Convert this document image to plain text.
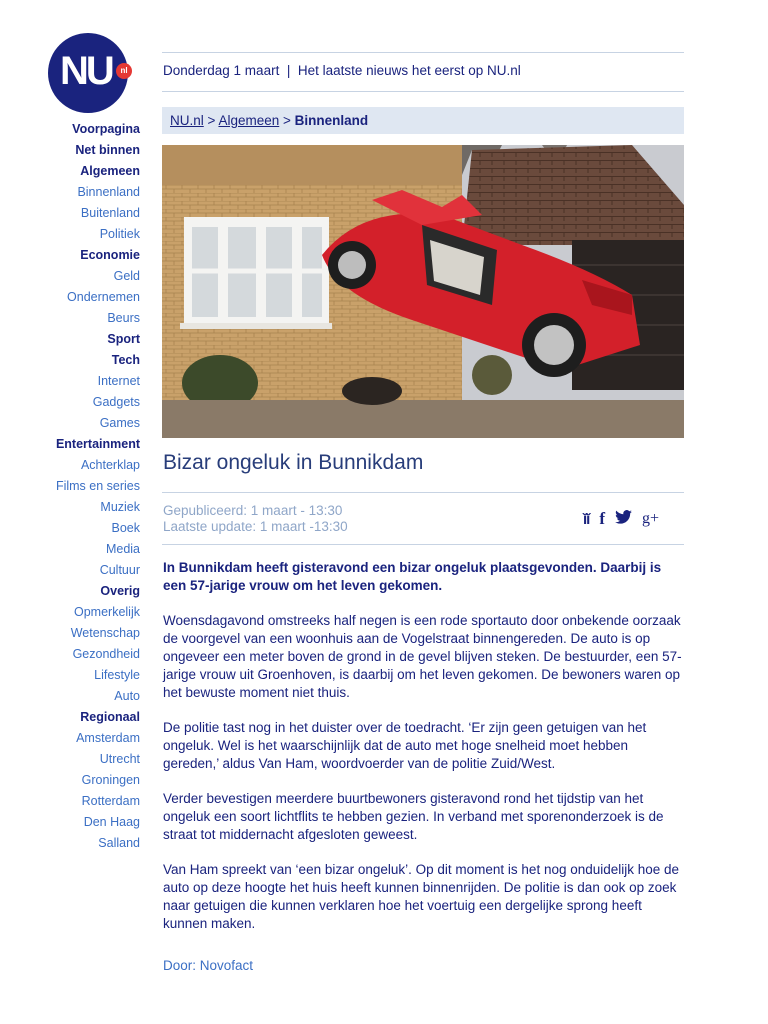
NU	nl
Voorpagina
Net binnen
Algemeen
Binnenland
Buitenland
Politiek
Economie
Geld
Ondernemen
Beurs
Sport
Tech
Internet
Gadgets
Games
Entertainment
Achterklap
Films en series
Muziek
Boek
Media
Cultuur
Overig
Opmerkelijk
Wetenschap
Gezondheid
Lifestyle
Auto
Regionaal
Amsterdam
Utrecht
Groningen
Rotterdam
Den Haag
Salland
Donderdag 1 maart | Het laatste nieuws het eerst op NU.nl
NU.nl > Algemeen > Binnenland
Bizar ongeluk in Bunnikdam
Gepubliceerd: 1 maart - 13:30
Laatste update: 1 maart -13:30	ǐǐ f g+

In Bunnikdam heeft gisteravond een bizar ongeluk plaatsgevonden. Daarbij is een 57-jarige vrouw om het leven gekomen.

Woensdagavond omstreeks half negen is een rode sportauto door onbekende oorzaak de voorgevel van een woonhuis aan de Vogelstraat binnengereden. De auto is op ongeveer een meter boven de grond in de gevel blijven steken. De bestuurder, een 57-jarige vrouw uit Groenhoven, is daarbij om het leven gekomen. De bewoners waren op het bewuste moment niet thuis.

De politie tast nog in het duister over de toedracht. ‘Er zijn geen getuigen van het ongeluk. Wel is het waarschijnlijk dat de auto met hoge snelheid moet hebben gereden,’ aldus Van Ham, woordvoerder van de politie Zuid/West.

Verder bevestigen meerdere buurtbewoners gisteravond rond het tijdstip van het ongeluk een soort lichtflits te hebben gezien. In verband met sporenonderzoek is de straat tot middernacht afgesloten geweest.

Van Ham spreekt van ‘een bizar ongeluk’. Op dit moment is het nog onduidelijk hoe de auto op deze hoogte het huis heeft kunnen binnenrijden. De politie is dan ook op zoek naar getuigen die kunnen verklaren hoe het voertuig een dergelijke sprong heeft kunnen maken.

Door: Novofact
